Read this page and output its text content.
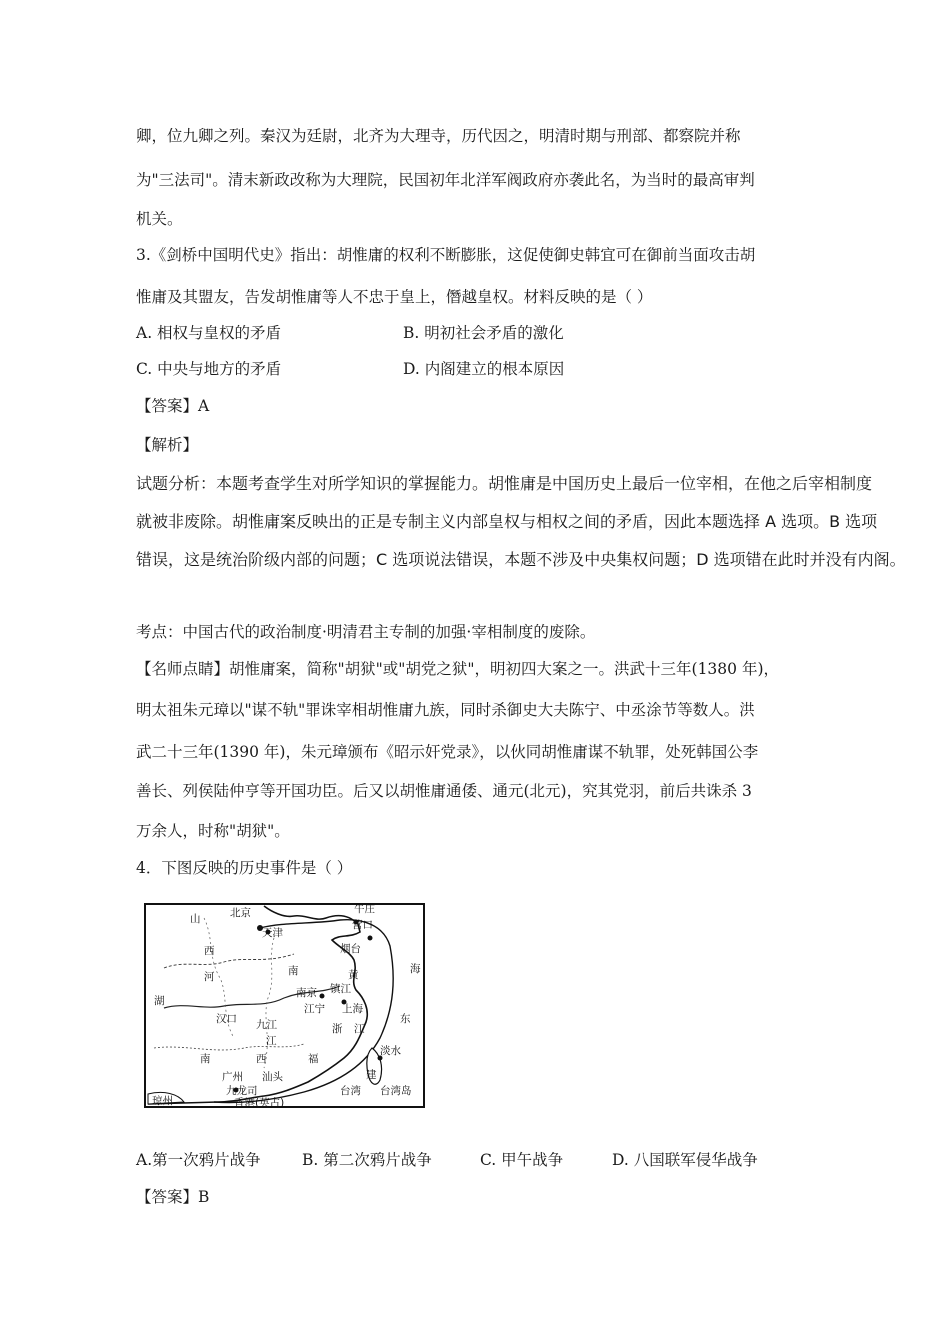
卿，位九卿之列。秦汉为廷尉，北齐为大理寺，历代因之，明清时期与刑部、都察院并称
为"三法司"。清末新政改称为大理院，民国初年北洋军阀政府亦袭此名，为当时的最高审判
机关。
3.《剑桥中国明代史》指出：胡惟庸的权利不断膨胀，这促使御史韩宜可在御前当面攻击胡
惟庸及其盟友，告发胡惟庸等人不忠于皇上，僭越皇权。材料反映的是（ ）
A. 相权与皇权的矛盾	B. 明初社会矛盾的激化
C. 中央与地方的矛盾	D. 内阁建立的根本原因
【答案】A
【解析】
试题分析：本题考查学生对所学知识的掌握能力。胡惟庸是中国历史上最后一位宰相，在他之后宰相制度
就被非废除。胡惟庸案反映出的正是专制主义内部皇权与相权之间的矛盾，因此本题选择 A 选项。B 选项
错误，这是统治阶级内部的问题；C 选项说法错误，本题不涉及中央集权问题；D 选项错在此时并没有内阁。
考点：中国古代的政治制度·明清君主专制的加强·宰相制度的废除。
【名师点睛】胡惟庸案，简称"胡狱"或"胡党之狱"，明初四大案之一。洪武十三年(1380 年)，
明太祖朱元璋以"谋不轨"罪诛宰相胡惟庸九族，同时杀御史大夫陈宁、中丞涂节等数人。洪
武二十三年(1390 年)，朱元璋颁布《昭示奸党录》，以伙同胡惟庸谋不轨罪，处死韩国公李
善长、列侯陆仲亨等开国功臣。后又以胡惟庸通倭、通元(北元)，究其党羽，前后共诛杀 3
万余人，时称"胡狱"。
4．下图反映的历史事件是（ ）
山	北京	牛庄
营口
天津
西	烟台
河	黄	海
南
镇江
南京
湖
江宁 上海
汉口 九江	东
江
浙 江
南	西	福
淡水
广州 汕头	建
九龙司	台湾 台湾岛
琼州	香港(英占)
A.第一次鸦片战争	B. 第二次鸦片战争	C. 甲午战争	D. 八国联军侵华战争
【答案】B
